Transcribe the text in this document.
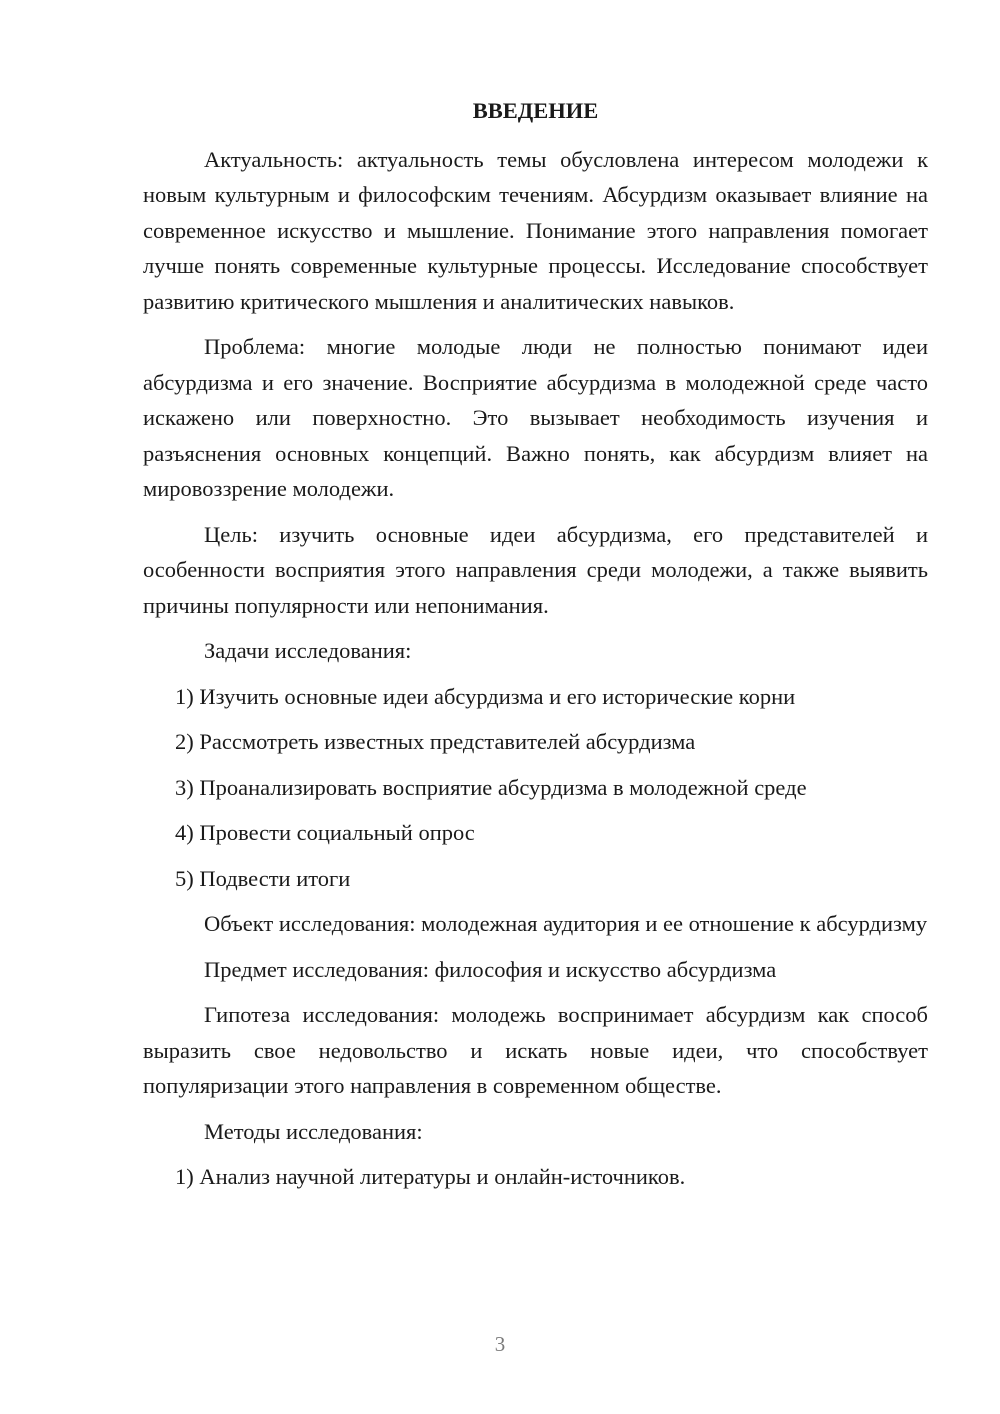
ВВЕДЕНИЕ

Актуальность: актуальность темы обусловлена интересом молодежи к новым культурным и философским течениям. Абсурдизм оказывает влияние на современное искусство и мышление. Понимание этого направления помогает лучше понять современные культурные процессы. Исследование способствует развитию критического мышления и аналитических навыков.

Проблема: многие молодые люди не полностью понимают идеи абсурдизма и его значение. Восприятие абсурдизма в молодежной среде часто искажено или поверхностно. Это вызывает необходимость изучения и разъяснения основных концепций. Важно понять, как абсурдизм влияет на мировоззрение молодежи.

Цель: изучить основные идеи абсурдизма, его представителей и особенности восприятия этого направления среди молодежи, а также выявить причины популярности или непонимания.

Задачи исследования:

1) Изучить основные идеи абсурдизма и его исторические корни
2) Рассмотреть известных представителей абсурдизма
3) Проанализировать восприятие абсурдизма в молодежной среде
4) Провести социальный опрос
5) Подвести итоги

Объект исследования: молодежная аудитория и ее отношение к абсурдизму

Предмет исследования: философия и искусство абсурдизма

Гипотеза исследования: молодежь воспринимает абсурдизм как способ выразить свое недовольство и искать новые идеи, что способствует популяризации этого направления в современном обществе.

Методы исследования:

1) Анализ научной литературы и онлайн-источников.
3
